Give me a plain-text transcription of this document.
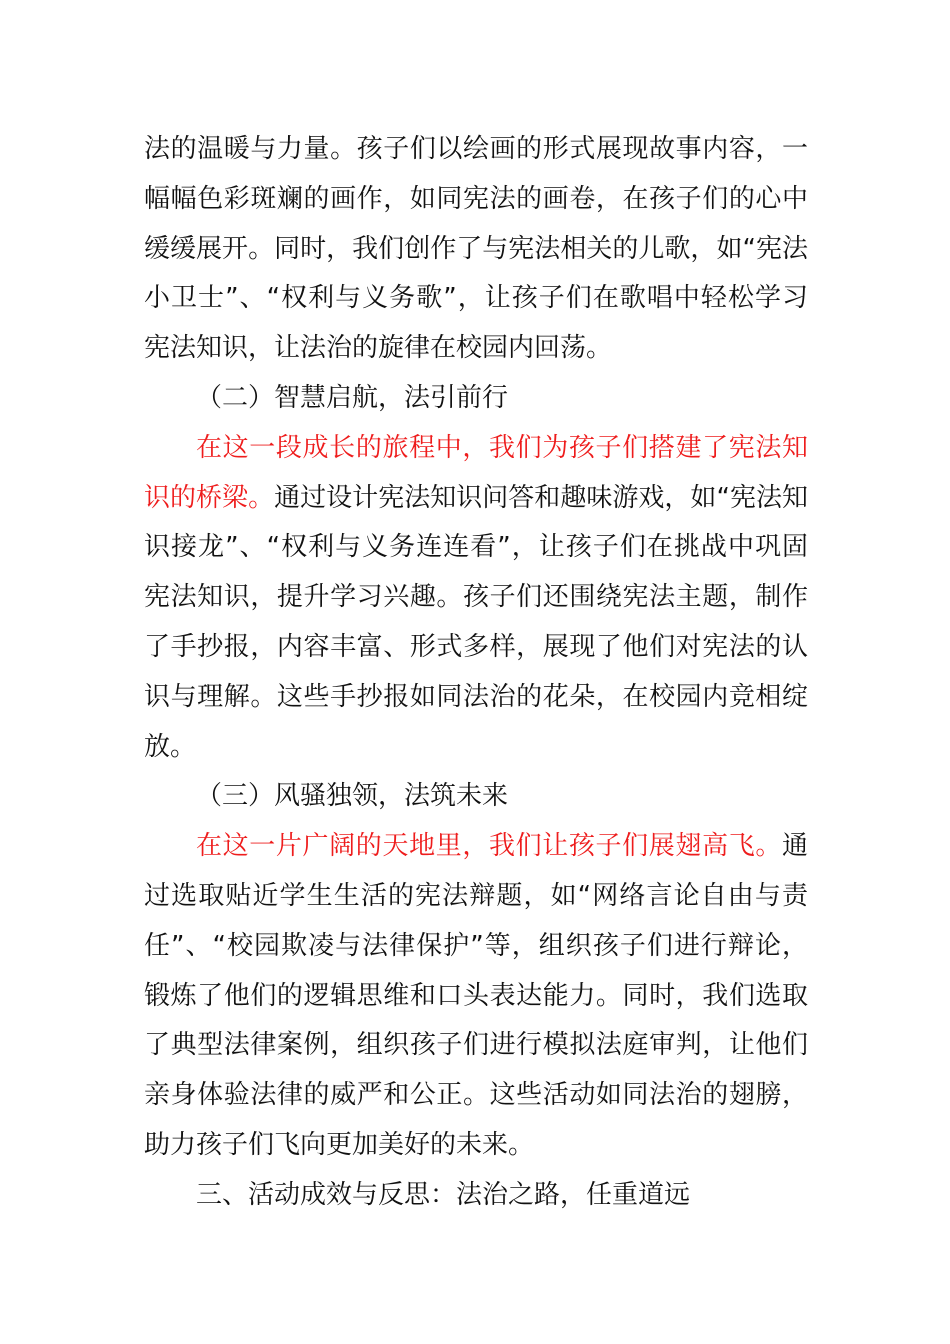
法的温暖与力量。孩子们以绘画的形式展现故事内容，一幅幅色彩斑斓的画作，如同宪法的画卷，在孩子们的心中缓缓展开。同时，我们创作了与宪法相关的儿歌，如“宪法小卫士”、“权利与义务歌”，让孩子们在歌唱中轻松学习宪法知识，让法治的旋律在校园内回荡。

（二）智慧启航，法引前行

在这一段成长的旅程中，我们为孩子们搭建了宪法知识的桥梁。通过设计宪法知识问答和趣味游戏，如“宪法知识接龙”、“权利与义务连连看”，让孩子们在挑战中巩固宪法知识，提升学习兴趣。孩子们还围绕宪法主题，制作了手抄报，内容丰富、形式多样，展现了他们对宪法的认识与理解。这些手抄报如同法治的花朵，在校园内竞相绽放。

（三）风骚独领，法筑未来

在这一片广阔的天地里，我们让孩子们展翅高飞。通过选取贴近学生生活的宪法辩题，如“网络言论自由与责任”、“校园欺凌与法律保护”等，组织孩子们进行辩论，锻炼了他们的逻辑思维和口头表达能力。同时，我们选取了典型法律案例，组织孩子们进行模拟法庭审判，让他们亲身体验法律的威严和公正。这些活动如同法治的翅膀，助力孩子们飞向更加美好的未来。

三、活动成效与反思：法治之路，任重道远
